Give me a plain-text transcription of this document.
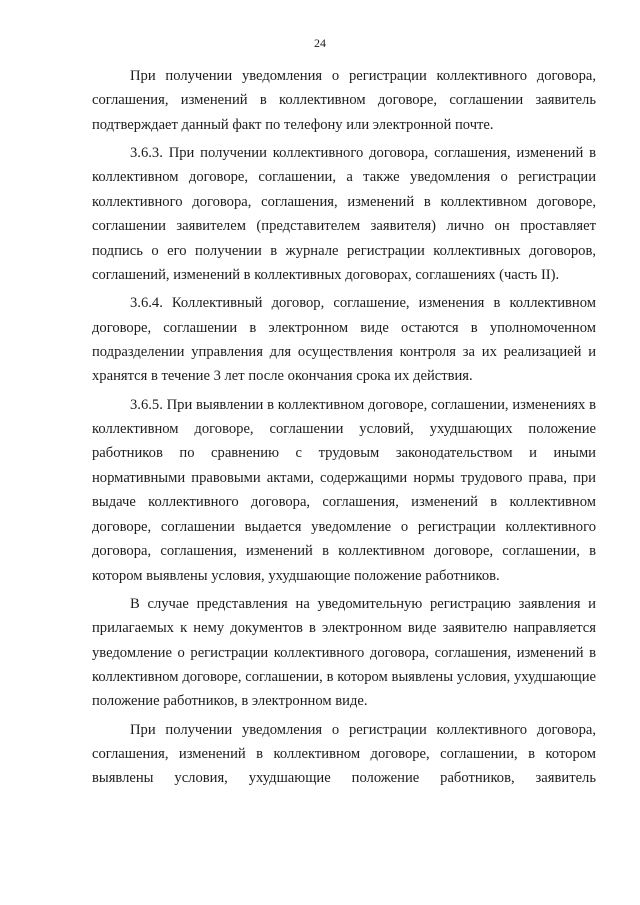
24

При получении уведомления о регистрации коллективного договора, соглашения, изменений в коллективном договоре, соглашении заявитель подтверждает данный факт по телефону или электронной почте.

3.6.3. При получении коллективного договора, соглашения, изменений в коллективном договоре, соглашении, а также уведомления о регистрации коллективного договора, соглашения, изменений в коллективном договоре, соглашении заявителем (представителем заявителя) лично он проставляет подпись о его получении в журнале регистрации коллективных договоров, соглашений, изменений в коллективных договорах, соглашениях (часть II).

3.6.4. Коллективный договор, соглашение, изменения в коллективном договоре, соглашении в электронном виде остаются в уполномоченном подразделении управления для осуществления контроля за их реализацией и хранятся в течение 3 лет после окончания срока их действия.

3.6.5. При выявлении в коллективном договоре, соглашении, изменениях в коллективном договоре, соглашении условий, ухудшающих положение работников по сравнению с трудовым законодательством и иными нормативными правовыми актами, содержащими нормы трудового права, при выдаче коллективного договора, соглашения, изменений в коллективном договоре, соглашении выдается уведомление о регистрации коллективного договора, соглашения, изменений в коллективном договоре, соглашении, в котором выявлены условия, ухудшающие положение работников.

В случае представления на уведомительную регистрацию заявления и прилагаемых к нему документов в электронном виде заявителю направляется уведомление о регистрации коллективного договора, соглашения, изменений в коллективном договоре, соглашении, в котором выявлены условия, ухудшающие положение работников, в электронном виде.

При получении уведомления о регистрации коллективного договора, соглашения, изменений в коллективном договоре, соглашении, в котором выявлены условия, ухудшающие положение работников, заявитель
